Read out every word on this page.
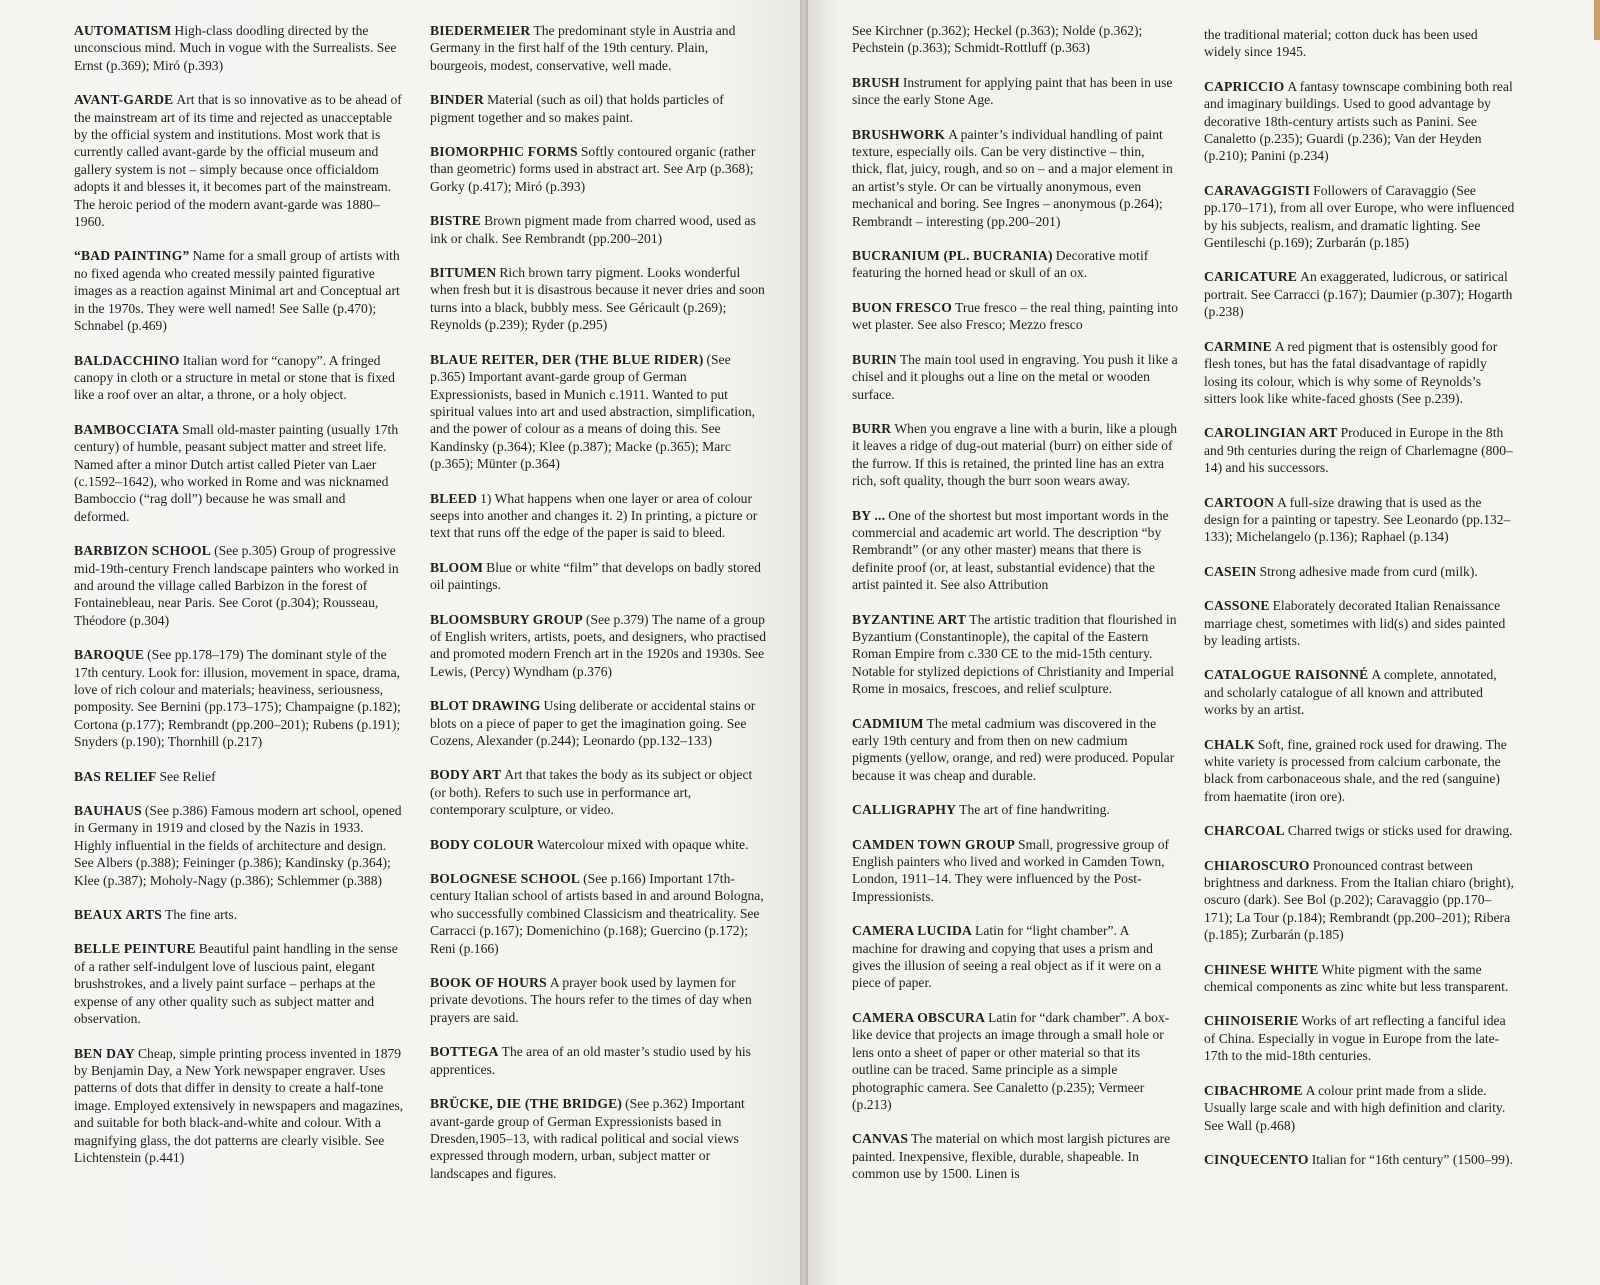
AUTOMATISM High-class doodling directed by the unconscious mind. Much in vogue with the Surrealists. See Ernst (p.369); Miró (p.393)

AVANT-GARDE Art that is so innovative as to be ahead of the mainstream art of its time and rejected as unacceptable by the official system and institutions. Most work that is currently called avant-garde by the official museum and gallery system is not – simply because once officialdom adopts it and blesses it, it becomes part of the mainstream. The heroic period of the modern avant-garde was 1880–1960.

“BAD PAINTING” Name for a small group of artists with no fixed agenda who created messily painted figurative images as a reaction against Minimal art and Conceptual art in the 1970s. They were well named! See Salle (p.470); Schnabel (p.469)

BALDACCHINO Italian word for “canopy”. A fringed canopy in cloth or a structure in metal or stone that is fixed like a roof over an altar, a throne, or a holy object.

BAMBOCCIATA Small old-master painting (usually 17th century) of humble, peasant subject matter and street life. Named after a minor Dutch artist called Pieter van Laer (c.1592–1642), who worked in Rome and was nicknamed Bamboccio (“rag doll”) because he was small and deformed.

BARBIZON SCHOOL (See p.305) Group of progressive mid-19th-century French landscape painters who worked in and around the village called Barbizon in the forest of Fontainebleau, near Paris. See Corot (p.304); Rousseau, Théodore (p.304)

BAROQUE (See pp.178–179) The dominant style of the 17th century. Look for: illusion, movement in space, drama, love of rich colour and materials; heaviness, seriousness, pomposity. See Bernini (pp.173–175); Champaigne (p.182); Cortona (p.177); Rembrandt (pp.200–201); Rubens (p.191); Snyders (p.190); Thornhill (p.217)

BAS RELIEF See Relief

BAUHAUS (See p.386) Famous modern art school, opened in Germany in 1919 and closed by the Nazis in 1933. Highly influential in the fields of architecture and design. See Albers (p.388); Feininger (p.386); Kandinsky (p.364); Klee (p.387); Moholy-Nagy (p.386); Schlemmer (p.388)

BEAUX ARTS The fine arts.

BELLE PEINTURE Beautiful paint handling in the sense of a rather self-indulgent love of luscious paint, elegant brushstrokes, and a lively paint surface – perhaps at the expense of any other quality such as subject matter and observation.

BEN DAY Cheap, simple printing process invented in 1879 by Benjamin Day, a New York newspaper engraver. Uses patterns of dots that differ in density to create a half-tone image. Employed extensively in newspapers and magazines, and suitable for both black-and-white and colour. With a magnifying glass, the dot patterns are clearly visible. See Lichtenstein (p.441)

BIEDERMEIER The predominant style in Austria and Germany in the first half of the 19th century. Plain, bourgeois, modest, conservative, well made.

BINDER Material (such as oil) that holds particles of pigment together and so makes paint.

BIOMORPHIC FORMS Softly contoured organic (rather than geometric) forms used in abstract art. See Arp (p.368); Gorky (p.417); Miró (p.393)

BISTRE Brown pigment made from charred wood, used as ink or chalk. See Rembrandt (pp.200–201)

BITUMEN Rich brown tarry pigment. Looks wonderful when fresh but it is disastrous because it never dries and soon turns into a black, bubbly mess. See Géricault (p.269); Reynolds (p.239); Ryder (p.295)

BLAUE REITER, DER (THE BLUE RIDER) (See p.365) Important avant-garde group of German Expressionists, based in Munich c.1911. Wanted to put spiritual values into art and used abstraction, simplification, and the power of colour as a means of doing this. See Kandinsky (p.364); Klee (p.387); Macke (p.365); Marc (p.365); Münter (p.364)

BLEED 1) What happens when one layer or area of colour seeps into another and changes it. 2) In printing, a picture or text that runs off the edge of the paper is said to bleed.

BLOOM Blue or white “film” that develops on badly stored oil paintings.

BLOOMSBURY GROUP (See p.379) The name of a group of English writers, artists, poets, and designers, who practised and promoted modern French art in the 1920s and 1930s. See Lewis, (Percy) Wyndham (p.376)

BLOT DRAWING Using deliberate or accidental stains or blots on a piece of paper to get the imagination going. See Cozens, Alexander (p.244); Leonardo (pp.132–133)

BODY ART Art that takes the body as its subject or object (or both). Refers to such use in performance art, contemporary sculpture, or video.

BODY COLOUR Watercolour mixed with opaque white.

BOLOGNESE SCHOOL (See p.166) Important 17th-century Italian school of artists based in and around Bologna, who successfully combined Classicism and theatricality. See Carracci (p.167); Domenichino (p.168); Guercino (p.172); Reni (p.166)

BOOK OF HOURS A prayer book used by laymen for private devotions. The hours refer to the times of day when prayers are said.

BOTTEGA The area of an old master’s studio used by his apprentices.

BRÜCKE, DIE (THE BRIDGE) (See p.362) Important avant-garde group of German Expressionists based in Dresden,1905–13, with radical political and social views expressed through modern, urban, subject matter or landscapes and figures.

See Kirchner (p.362); Heckel (p.363); Nolde (p.362); Pechstein (p.363); Schmidt-Rottluff (p.363)

BRUSH Instrument for applying paint that has been in use since the early Stone Age.

BRUSHWORK A painter’s individual handling of paint texture, especially oils. Can be very distinctive – thin, thick, flat, juicy, rough, and so on – and a major element in an artist’s style. Or can be virtually anonymous, even mechanical and boring. See Ingres – anonymous (p.264); Rembrandt – interesting (pp.200–201)

BUCRANIUM (PL. BUCRANIA) Decorative motif featuring the horned head or skull of an ox.

BUON FRESCO True fresco – the real thing, painting into wet plaster. See also Fresco; Mezzo fresco

BURIN The main tool used in engraving. You push it like a chisel and it ploughs out a line on the metal or wooden surface.

BURR When you engrave a line with a burin, like a plough it leaves a ridge of dug-out material (burr) on either side of the furrow. If this is retained, the printed line has an extra rich, soft quality, though the burr soon wears away.

BY ... One of the shortest but most important words in the commercial and academic art world. The description “by Rembrandt” (or any other master) means that there is definite proof (or, at least, substantial evidence) that the artist painted it. See also Attribution

BYZANTINE ART The artistic tradition that flourished in Byzantium (Constantinople), the capital of the Eastern Roman Empire from c.330 CE to the mid-15th century. Notable for stylized depictions of Christianity and Imperial Rome in mosaics, frescoes, and relief sculpture.

CADMIUM The metal cadmium was discovered in the early 19th century and from then on new cadmium pigments (yellow, orange, and red) were produced. Popular because it was cheap and durable.

CALLIGRAPHY The art of fine handwriting.

CAMDEN TOWN GROUP Small, progressive group of English painters who lived and worked in Camden Town, London, 1911–14. They were influenced by the Post-Impressionists.

CAMERA LUCIDA Latin for “light chamber”. A machine for drawing and copying that uses a prism and gives the illusion of seeing a real object as if it were on a piece of paper.

CAMERA OBSCURA Latin for “dark chamber”. A box-like device that projects an image through a small hole or lens onto a sheet of paper or other material so that its outline can be traced. Same principle as a simple photographic camera. See Canaletto (p.235); Vermeer (p.213)

CANVAS The material on which most largish pictures are painted. Inexpensive, flexible, durable, shapeable. In common use by 1500. Linen is

the traditional material; cotton duck has been used widely since 1945.

CAPRICCIO A fantasy townscape combining both real and imaginary buildings. Used to good advantage by decorative 18th-century artists such as Panini. See Canaletto (p.235); Guardi (p.236); Van der Heyden (p.210); Panini (p.234)

CARAVAGGISTI Followers of Caravaggio (See pp.170–171), from all over Europe, who were influenced by his subjects, realism, and dramatic lighting. See Gentileschi (p.169); Zurbarán (p.185)

CARICATURE An exaggerated, ludicrous, or satirical portrait. See Carracci (p.167); Daumier (p.307); Hogarth (p.238)

CARMINE A red pigment that is ostensibly good for flesh tones, but has the fatal disadvantage of rapidly losing its colour, which is why some of Reynolds’s sitters look like white-faced ghosts (See p.239).

CAROLINGIAN ART Produced in Europe in the 8th and 9th centuries during the reign of Charlemagne (800–14) and his successors.

CARTOON A full-size drawing that is used as the design for a painting or tapestry. See Leonardo (pp.132–133); Michelangelo (p.136); Raphael (p.134)

CASEIN Strong adhesive made from curd (milk).

CASSONE Elaborately decorated Italian Renaissance marriage chest, sometimes with lid(s) and sides painted by leading artists.

CATALOGUE RAISONNÉ A complete, annotated, and scholarly catalogue of all known and attributed works by an artist.

CHALK Soft, fine, grained rock used for drawing. The white variety is processed from calcium carbonate, the black from carbonaceous shale, and the red (sanguine) from haematite (iron ore).

CHARCOAL Charred twigs or sticks used for drawing.

CHIAROSCURO Pronounced contrast between brightness and darkness. From the Italian chiaro (bright), oscuro (dark). See Bol (p.202); Caravaggio (pp.170–171); La Tour (p.184); Rembrandt (pp.200–201); Ribera (p.185); Zurbarán (p.185)

CHINESE WHITE White pigment with the same chemical components as zinc white but less transparent.

CHINOISERIE Works of art reflecting a fanciful idea of China. Especially in vogue in Europe from the late-17th to the mid-18th centuries.

CIBACHROME A colour print made from a slide. Usually large scale and with high definition and clarity. See Wall (p.468)

CINQUECENTO Italian for “16th century” (1500–99).
